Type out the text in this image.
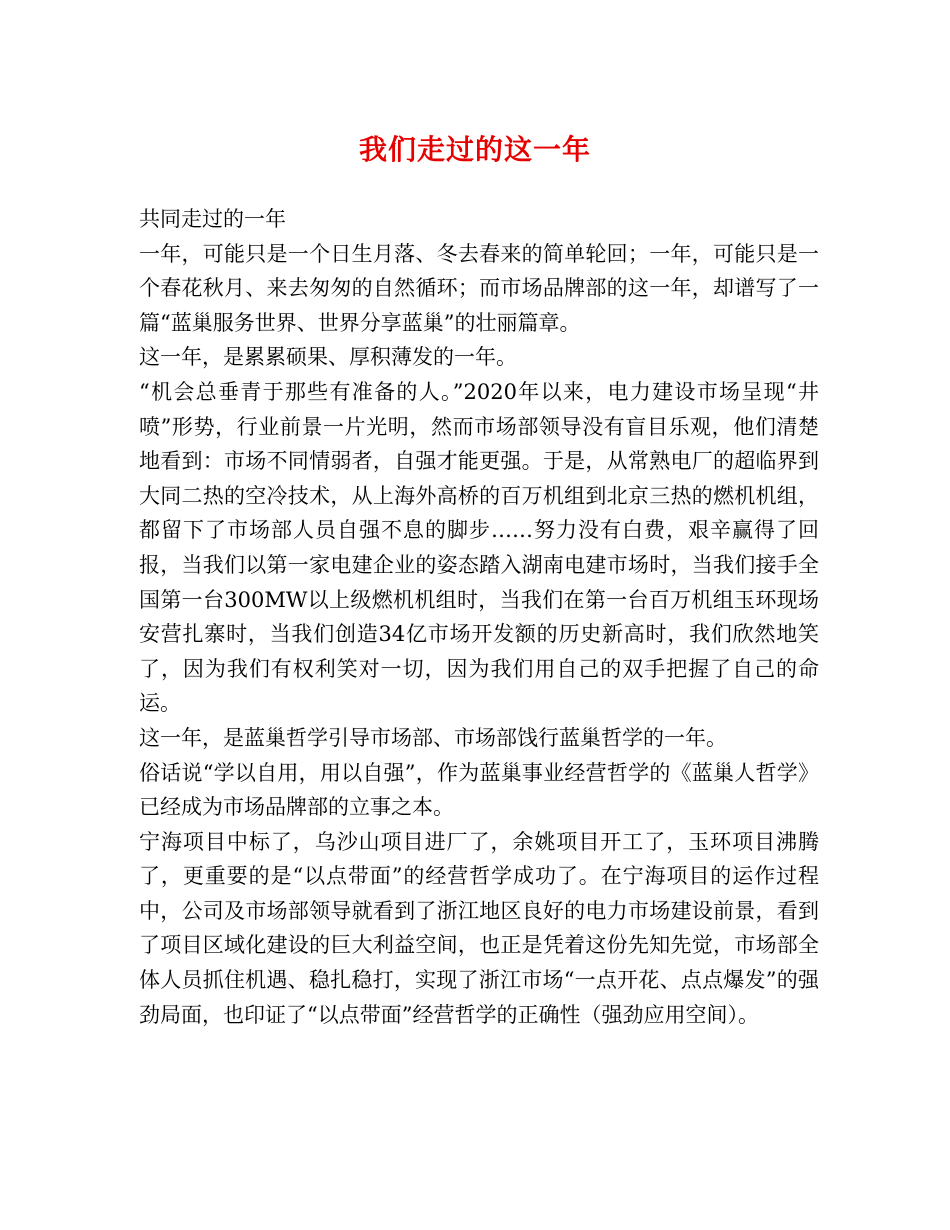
我们走过的这一年

共同走过的一年

一年，可能只是一个日生月落、冬去春来的简单轮回；一年，可能只是一个春花秋月、来去匆匆的自然循环；而市场品牌部的这一年，却谱写了一篇“蓝巢服务世界、世界分享蓝巢”的壮丽篇章。

这一年，是累累硕果、厚积薄发的一年。

“机会总垂青于那些有准备的人。”2020年以来，电力建设市场呈现“井喷”形势，行业前景一片光明，然而市场部领导没有盲目乐观，他们清楚地看到：市场不同情弱者，自强才能更强。于是，从常熟电厂的超临界到大同二热的空冷技术，从上海外高桥的百万机组到北京三热的燃机机组，都留下了市场部人员自强不息的脚步……努力没有白费，艰辛赢得了回报，当我们以第一家电建企业的姿态踏入湖南电建市场时，当我们接手全国第一台300MW以上级燃机机组时，当我们在第一台百万机组玉环现场安营扎寨时，当我们创造34亿市场开发额的历史新高时，我们欣然地笑了，因为我们有权利笑对一切，因为我们用自己的双手把握了自己的命运。

这一年，是蓝巢哲学引导市场部、市场部饯行蓝巢哲学的一年。

俗话说“学以自用，用以自强”，作为蓝巢事业经营哲学的《蓝巢人哲学》已经成为市场品牌部的立事之本。

宁海项目中标了，乌沙山项目进厂了，余姚项目开工了，玉环项目沸腾了，更重要的是“以点带面”的经营哲学成功了。在宁海项目的运作过程中，公司及市场部领导就看到了浙江地区良好的电力市场建设前景，看到了项目区域化建设的巨大利益空间，也正是凭着这份先知先觉，市场部全体人员抓住机遇、稳扎稳打，实现了浙江市场“一点开花、点点爆发”的强劲局面，也印证了“以点带面”经营哲学的正确性（强劲应用空间）。
